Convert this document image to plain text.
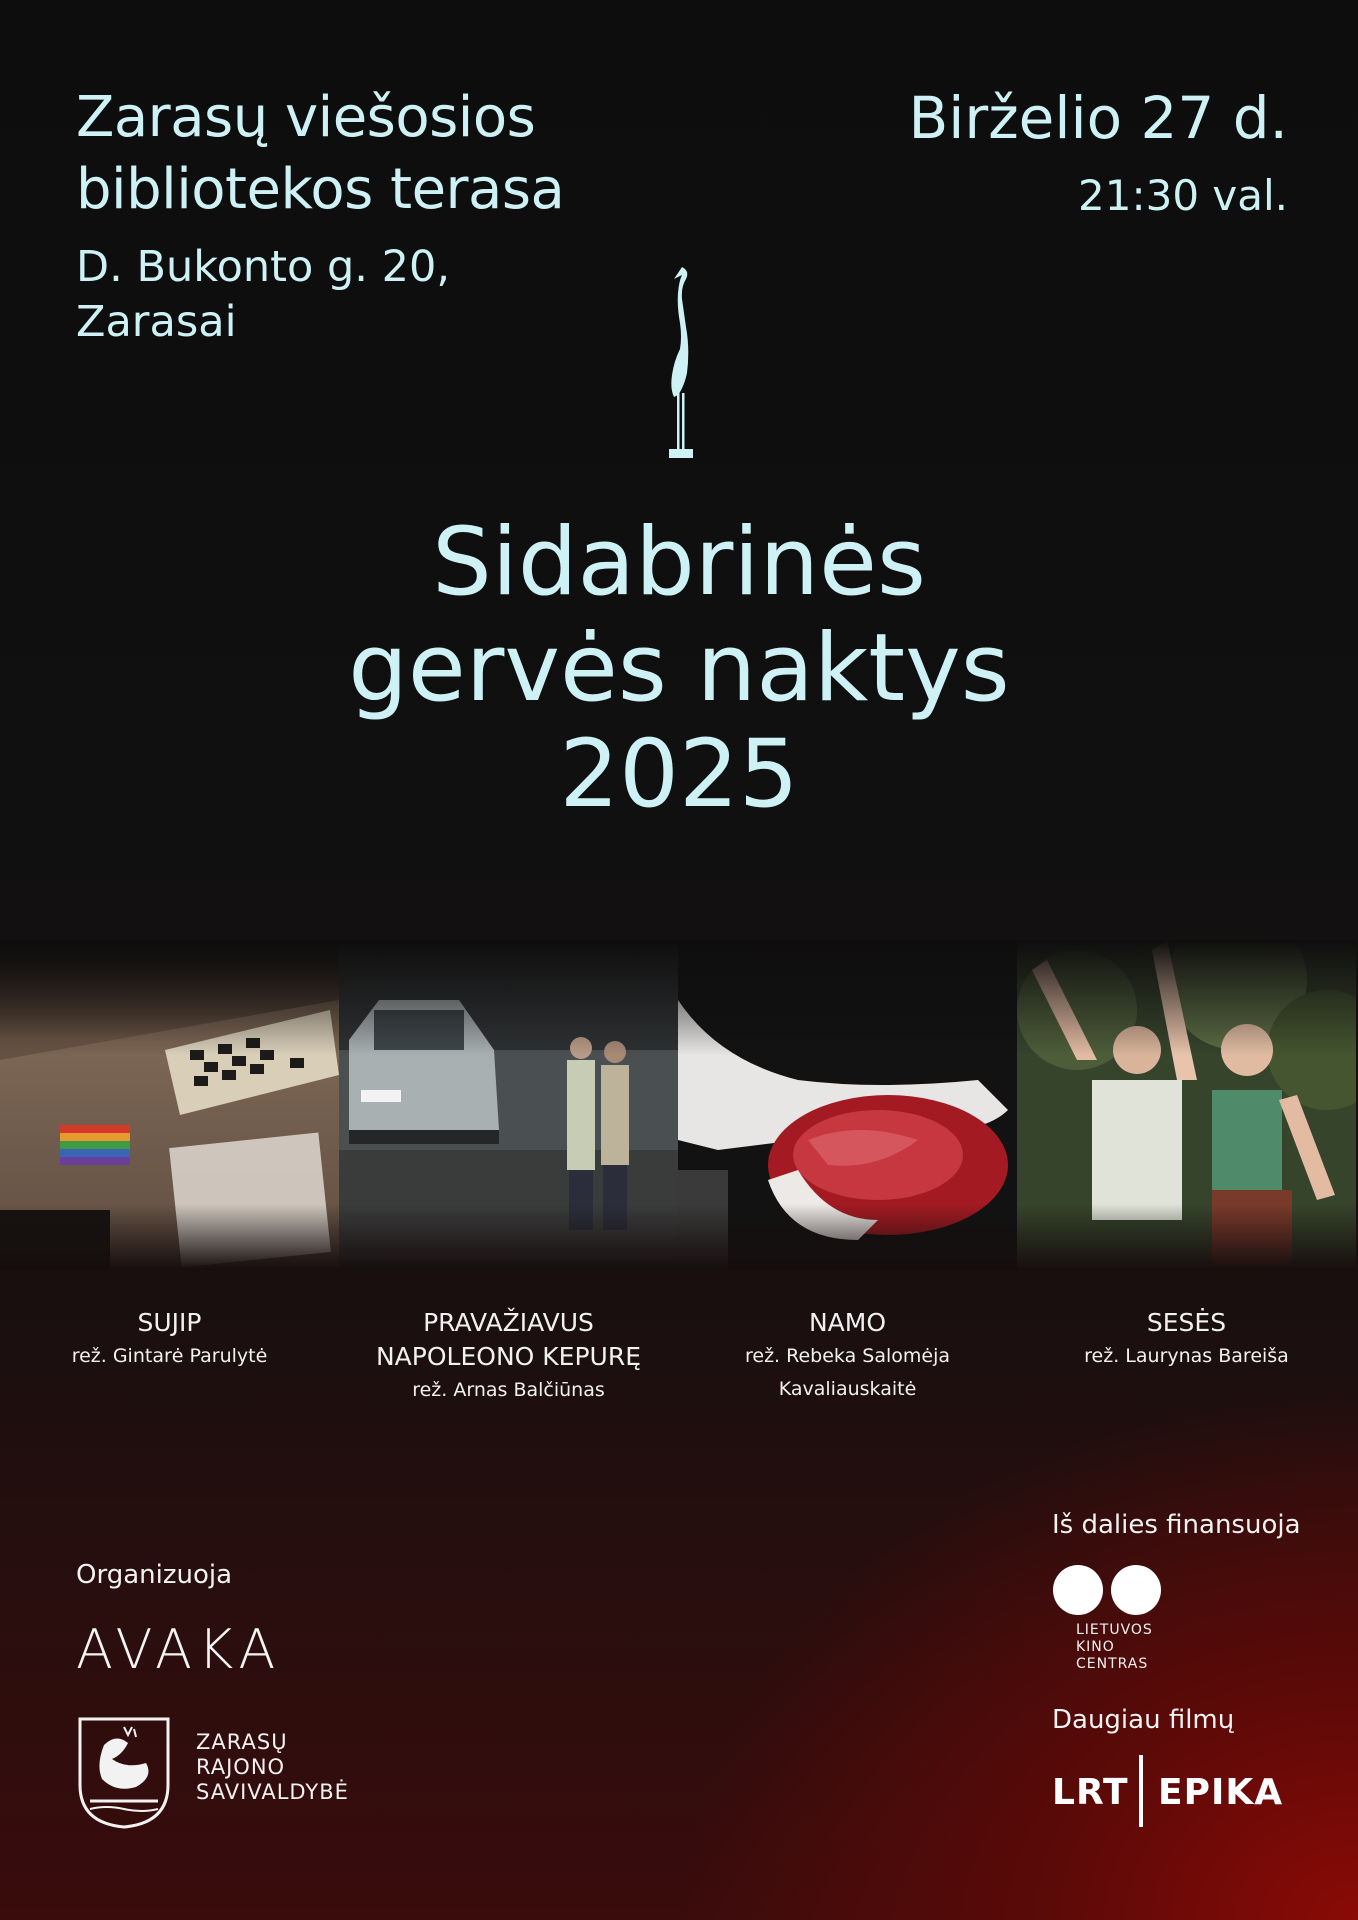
Zarasų viešosios
bibliotekos terasa
D. Bukonto g. 20,
Zarasai
Birželio 27 d.
21:30 val.
Sidabrinės
gervės naktys
2025
SUJIP
rež. Gintarė Parulytė
PRAVAŽIAVUS
NAPOLEONO KEPURĘ
rež. Arnas Balčiūnas
NAMO
rež. Rebeka Salomėja
Kavaliauskaitė
SESĖS
rež. Laurynas Bareiša
Organizuoja
AVAKA
ZARASŲ
RAJONO
SAVIVALDYBĖ
Iš dalies finansuoja
LIETUVOS
KINO
CENTRAS
Daugiau filmų
LRT EPIKA
